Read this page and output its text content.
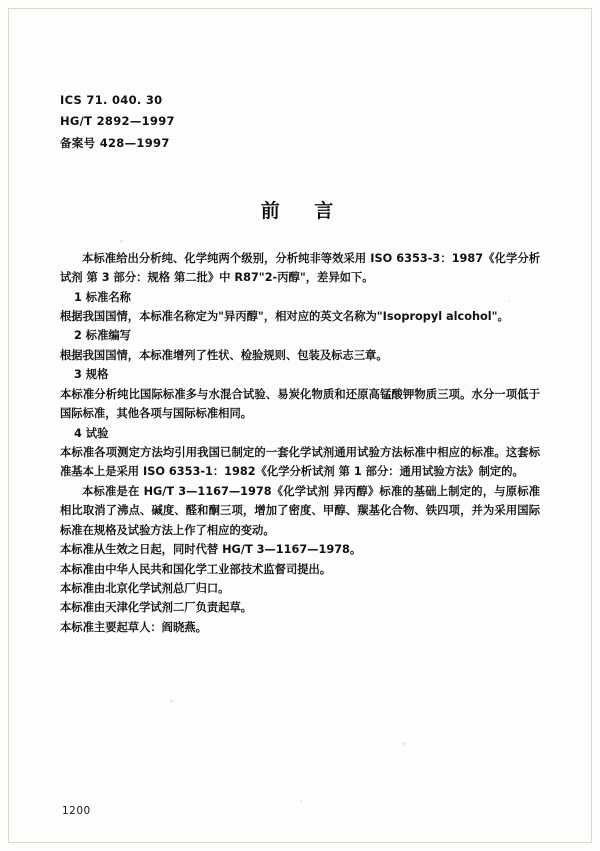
ICS 71. 040. 30
HG/T 2892—1997
备案号 428—1997
前 言

本标准给出分析纯、化学纯两个级别，分析纯非等效采用 ISO 6353-3：1987《化学分析试剂 第 3 部分：规格 第二批》中 R87"2-丙醇"，差异如下。

1 标准名称

根据我国国情，本标准名称定为"异丙醇"，相对应的英文名称为"Isopropyl alcohol"。

2 标准编写

根据我国国情，本标准增列了性状、检验规则、包装及标志三章。

3 规格

本标准分析纯比国际标准多与水混合试验、易炭化物质和还原高锰酸钾物质三项。水分一项低于国际标准，其他各项与国际标准相同。

4 试验

本标准各项测定方法均引用我国已制定的一套化学试剂通用试验方法标准中相应的标准。这套标准基本上是采用 ISO 6353-1：1982《化学分析试剂 第 1 部分：通用试验方法》制定的。

本标准是在 HG/T 3—1167—1978《化学试剂 异丙醇》标准的基础上制定的，与原标准相比取消了沸点、碱度、醛和酮三项，增加了密度、甲醇、羰基化合物、铁四项，并为采用国际标准在规格及试验方法上作了相应的变动。

本标准从生效之日起，同时代替 HG/T 3—1167—1978。

本标准由中华人民共和国化学工业部技术监督司提出。

本标准由北京化学试剂总厂归口。

本标准由天津化学试剂二厂负责起草。

本标准主要起草人：阎晓燕。

1200
